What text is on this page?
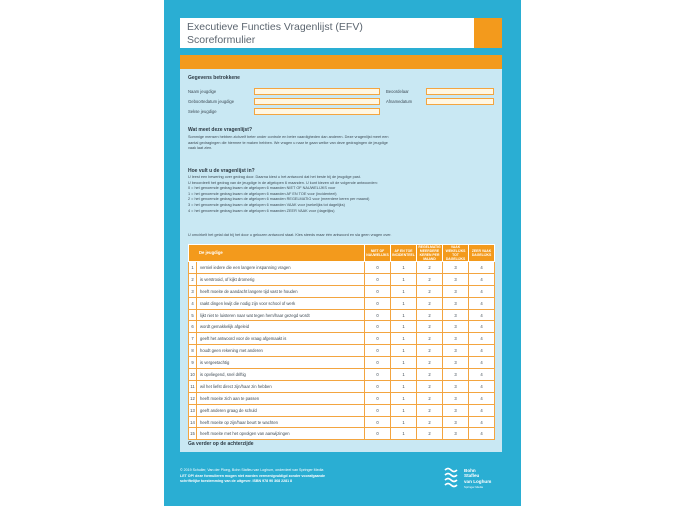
Executieve Functies Vragenlijst (EFV)
Scoreformulier
Gegevens betrokkene
Naam jeugdige
Geboortedatum jeugdige
Sekse jeugdige
Beoordelaar
Afnamedatum
Wat meet deze vragenlijst?
Sommige mensen hebben zichzelf beter onder controle en beter vaardigheden dan anderen. Deze vragenlijst meet een
aantal gedragingen die hiermee te maken hebben. We vragen u naar te gaan welke van deze gedragingen de jeugdige
vaak laat zien.
Hoe vult u de vragenlijst in?
U leest een bewering over gedrag door. Daarna kiest u het antwoord dat het beste bij de jeugdige past.
U beoordeelt het gedrag van de jeugdige in de afgelopen 6 maanden. U kunt kiezen uit de volgende antwoorden:
0 = het genoemde gedrag kwam de afgelopen 6 maanden NIET OF NAUWELIJKS voor
1 = het genoemde gedrag kwam de afgelopen 6 maanden AF EN TOE voor (incidenteel)
2 = het genoemde gedrag kwam de afgelopen 6 maanden REGELMATIG voor (meerdere keren per maand)
3 = het genoemde gedrag kwam de afgelopen 6 maanden VAAK voor (wekelijks tot dagelijks)
4 = het genoemde gedrag kwam de afgelopen 6 maanden ZEER VAAK voor (dagelijks)
U omcirkelt het getal dat bij het door u gekozen antwoord staat. Kies steeds maar één antwoord en sla geen vragen over.
De jeugdige		NIET OF NAUWELIJKS	AF EN TOE INCIDENTEEL	REGELMATIG MEERDERE KEREN PER MAAND	VAAK WEKELIJKS TOT DAGELIJKS	ZEER VAAK DAGELIJKS
1	verniel iedere die een langere inspanning vragen	0	1	2	3	4
2	is verstrooid, of kijkt dromerig	0	1	2	3	4
3	heeft moeite de aandacht langere tijd vast te houden	0	1	2	3	4
4	raakt dingen kwijt die nodig zijn voor school of werk	0	1	2	3	4
5	lijkt niet te luisteren naar wat tegen hem/haar gezegd wordt	0	1	2	3	4
6	wordt gemakkelijk afgeleid	0	1	2	3	4
7	geeft het antwoord voor de vraag afgemaakt is	0	1	2	3	4
8	houdt geen rekening met anderen	0	1	2	3	4
9	is vergeetachtig	0	1	2	3	4
10	is opvliegend, snel driftig	0	1	2	3	4
11	wil het liefst direct zijn/haar zin hebben	0	1	2	3	4
12	heeft moeite zich aan te passen	0	1	2	3	4
13	geeft anderen graag de schuld	0	1	2	3	4
14	heeft moeite op zijn/haar beurt te wachten	0	1	2	3	4
15	heeft moeite met het opvolgen van aanwijzingen	0	1	2	3	4
Ga verder op de achterzijde
© 2019 Schuller, Van der Ploeg, Bohn Stafleu van Loghum, onderdeel van Springer Media
LET OP! deze formulieren mogen niet worden vermenigvuldigd zonder voorafgaande
schriftelijke toestemming van de uitgever. ISBN 978 90 368 2281 8
Bohn
Stafleu
van Loghum
Springer Media
